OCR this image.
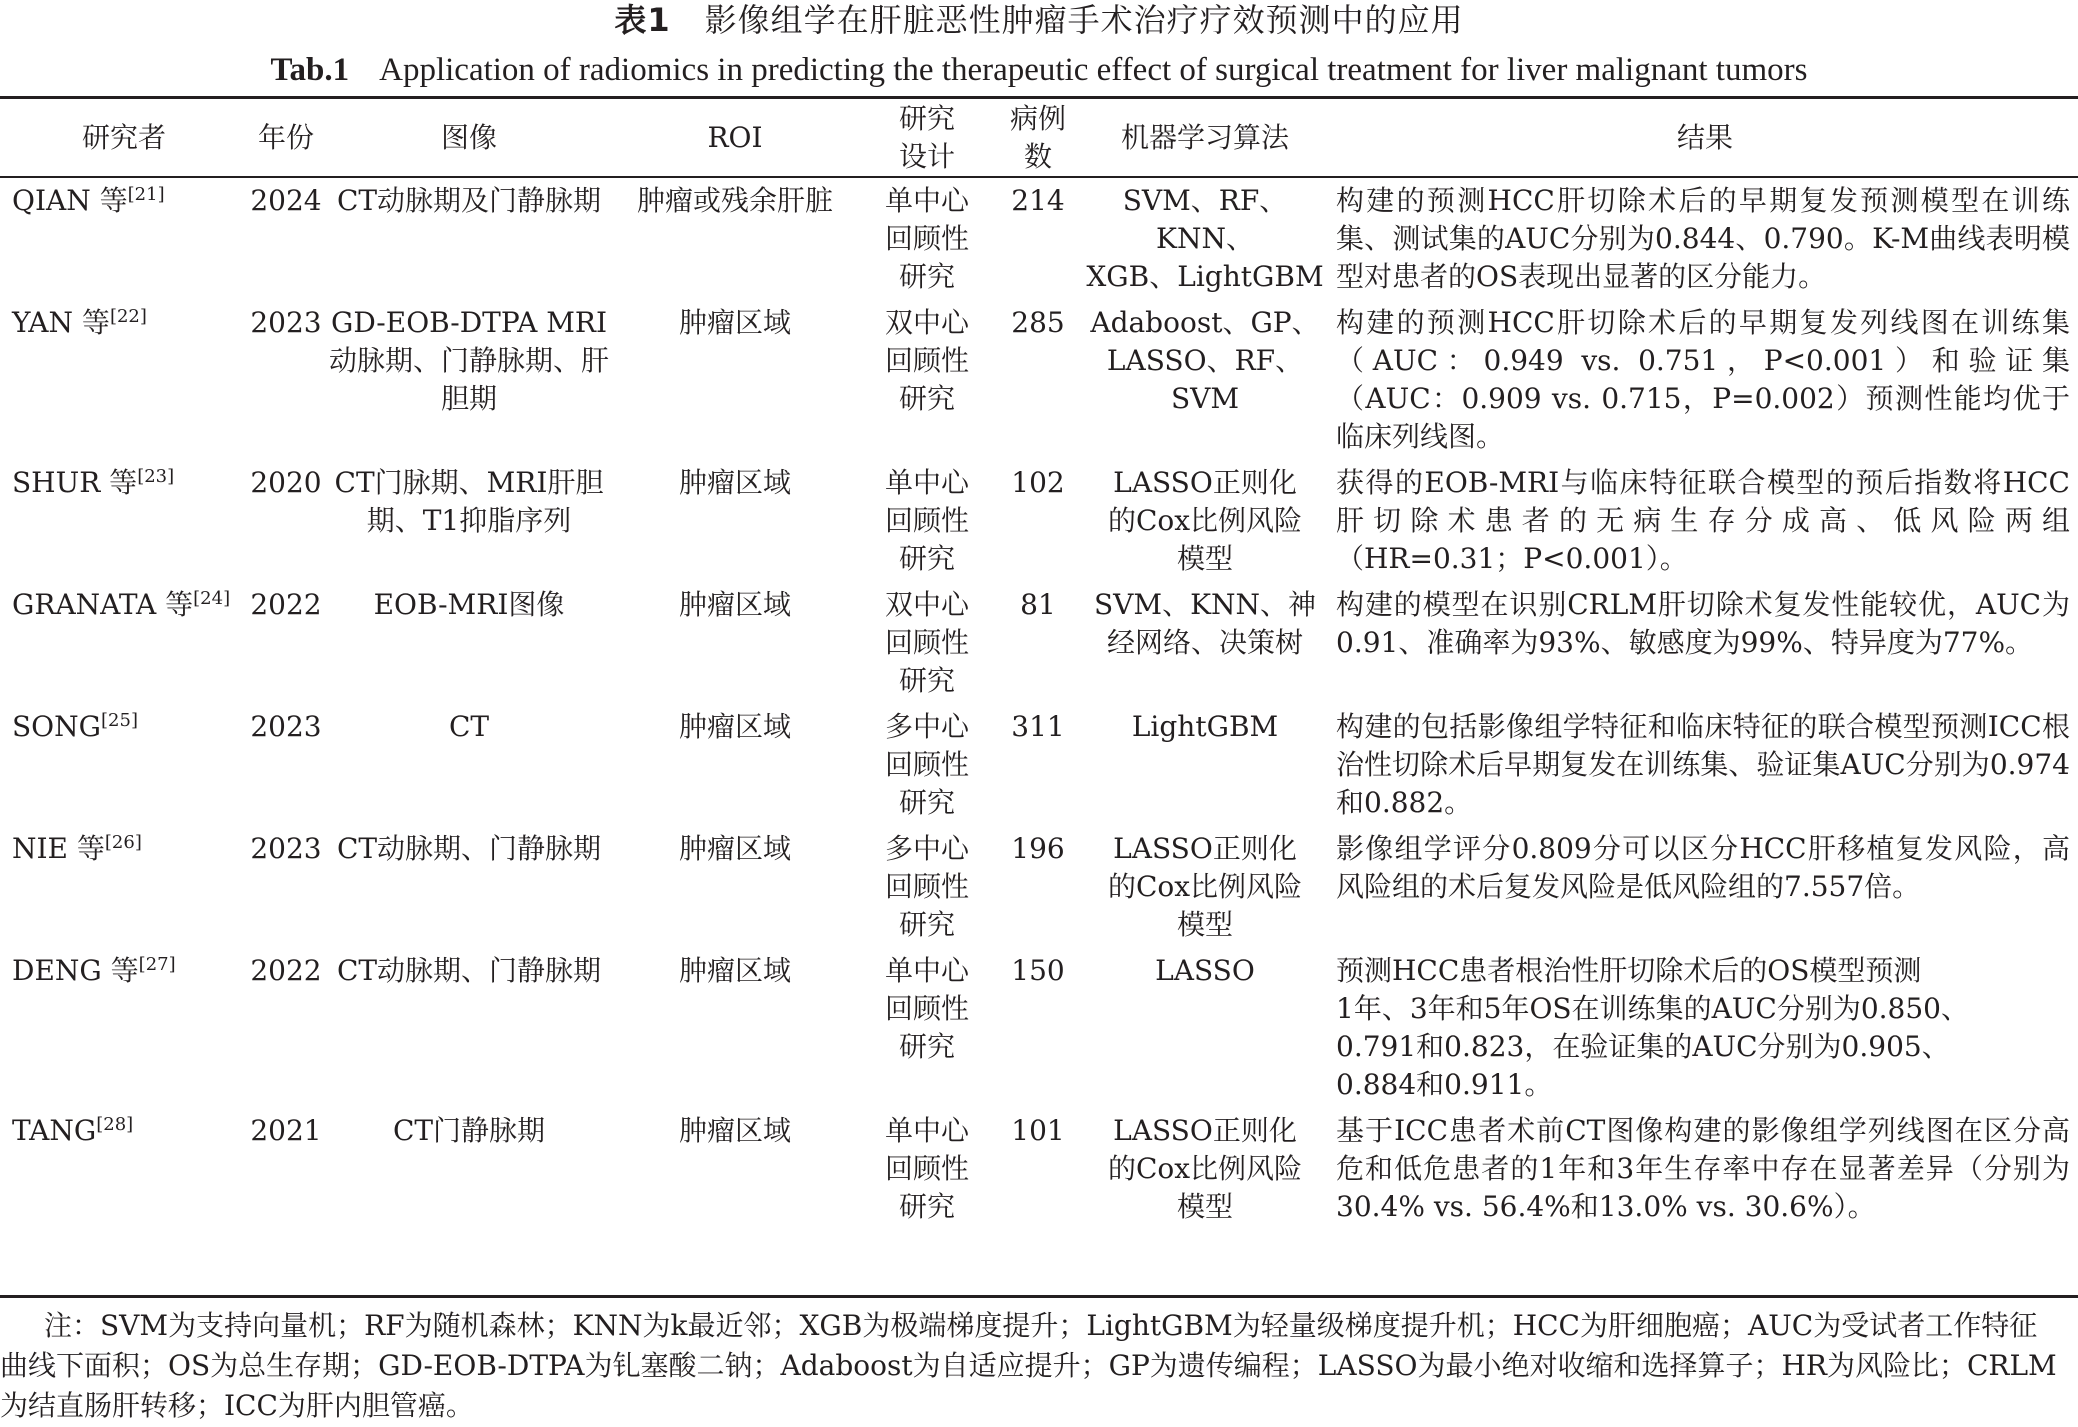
表1 影像组学在肝脏恶性肿瘤手术治疗疗效预测中的应用
Tab.1 Application of radiomics in predicting the therapeutic effect of surgical treatment for liver malignant tumors
研究者	年份	图像	ROI	研究
设计	病例
数	机器学习算法	结果
QIAN 等[21]	2024	CT动脉期及门静脉期	肿瘤或残余肝脏	单中心
回顾性
研究	214	SVM、RF、KNN、
XGB、LightGBM	构建的预测HCC肝切除术后的早期复发预测模型在训练集、测试集的AUC分别为0.844、0.790。K-M曲线表明模型对患者的OS表现出显著的区分能力。
YAN 等[22]	2023	GD-EOB-DTPA MRI
动脉期、门静脉期、肝
胆期	肿瘤区域	双中心
回顾性
研究	285	Adaboost、GP、
LASSO、RF、
SVM	构建的预测HCC肝切除术后的早期复发列线图在训练集（AUC：0.949 vs. 0.751，P<0.001）和验证集（AUC：0.909 vs. 0.715，P=0.002）预测性能均优于临床列线图。
SHUR 等[23]	2020	CT门脉期、MRI肝胆
期、T1抑脂序列	肿瘤区域	单中心
回顾性
研究	102	LASSO正则化
的Cox比例风险
模型	获得的EOB-MRI与临床特征联合模型的预后指数将HCC肝切除术患者的无病生存分成高、低风险两组（HR=0.31；P<0.001）。
GRANATA 等[24]	2022	EOB-MRI图像	肿瘤区域	双中心
回顾性
研究	81	SVM、KNN、神
经网络、决策树	构建的模型在识别CRLM肝切除术复发性能较优，AUC为0.91、准确率为93%、敏感度为99%、特异度为77%。
SONG[25]	2023	CT	肿瘤区域	多中心
回顾性
研究	311	LightGBM	构建的包括影像组学特征和临床特征的联合模型预测ICC根治性切除术后早期复发在训练集、验证集AUC分别为0.974和0.882。
NIE 等[26]	2023	CT动脉期、门静脉期	肿瘤区域	多中心
回顾性
研究	196	LASSO正则化
的Cox比例风险
模型	影像组学评分0.809分可以区分HCC肝移植复发风险，高风险组的术后复发风险是低风险组的7.557倍。
DENG 等[27]	2022	CT动脉期、门静脉期	肿瘤区域	单中心
回顾性
研究	150	LASSO	预测HCC患者根治性肝切除术后的OS模型预测
1年、3年和5年OS在训练集的AUC分别为0.850、
0.791和0.823，在验证集的AUC分别为0.905、
0.884和0.911。
TANG[28]	2021	CT门静脉期	肿瘤区域	单中心
回顾性
研究	101	LASSO正则化
的Cox比例风险
模型	基于ICC患者术前CT图像构建的影像组学列线图在区分高危和低危患者的1年和3年生存率中存在显著差异（分别为30.4% vs. 56.4%和13.0% vs. 30.6%）。
注：SVM为支持向量机；RF为随机森林；KNN为k最近邻；XGB为极端梯度提升；LightGBM为轻量级梯度提升机；HCC为肝细胞癌；AUC为受试者工作特征曲线下面积；OS为总生存期；GD-EOB-DTPA为钆塞酸二钠；Adaboost为自适应提升；GP为遗传编程；LASSO为最小绝对收缩和选择算子；HR为风险比；CRLM为结直肠肝转移；ICC为肝内胆管癌。
